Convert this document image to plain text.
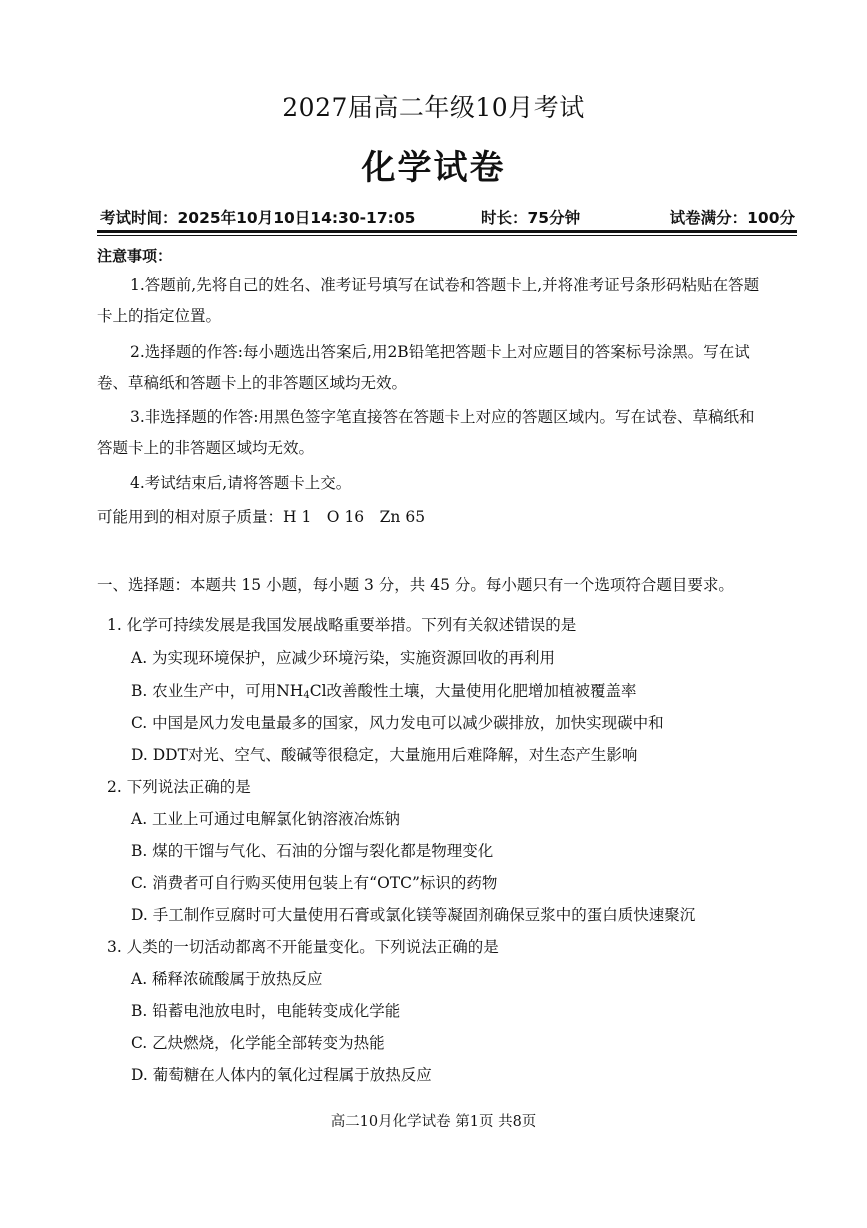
2027届高二年级10月考试
化学试卷
考试时间：2025年10月10日14:30-17:05	时长：75分钟	试卷满分：100分
注意事项：
1.答题前,先将自己的姓名、准考证号填写在试卷和答题卡上,并将准考证号条形码粘贴在答题
卡上的指定位置。
2.选择题的作答:每小题选出答案后,用2B铅笔把答题卡上对应题目的答案标号涂黑。写在试
卷、草稿纸和答题卡上的非答题区域均无效。
3.非选择题的作答:用黑色签字笔直接答在答题卡上对应的答题区域内。写在试卷、草稿纸和
答题卡上的非答题区域均无效。
4.考试结束后,请将答题卡上交。
可能用到的相对原子质量：H 1　O 16　Zn 65
一、选择题：本题共 15 小题，每小题 3 分，共 45 分。每小题只有一个选项符合题目要求。
1. 化学可持续发展是我国发展战略重要举措。下列有关叙述错误的是
A. 为实现环境保护，应减少环境污染，实施资源回收的再利用
B. 农业生产中，可用$NH_4Cl$改善酸性土壤，大量使用化肥增加植被覆盖率
C. 中国是风力发电量最多的国家，风力发电可以减少碳排放，加快实现碳中和
D. DDT对光、空气、酸碱等很稳定，大量施用后难降解，对生态产生影响
2. 下列说法正确的是
A. 工业上可通过电解氯化钠溶液冶炼钠
B. 煤的干馏与气化、石油的分馏与裂化都是物理变化
C. 消费者可自行购买使用包装上有“OTC”标识的药物
D. 手工制作豆腐时可大量使用石膏或氯化镁等凝固剂确保豆浆中的蛋白质快速聚沉
3. 人类的一切活动都离不开能量变化。下列说法正确的是
A. 稀释浓硫酸属于放热反应
B. 铅蓄电池放电时，电能转变成化学能
C. 乙炔燃烧，化学能全部转变为热能
D. 葡萄糖在人体内的氧化过程属于放热反应
高二10月化学试卷 第1页 共8页
